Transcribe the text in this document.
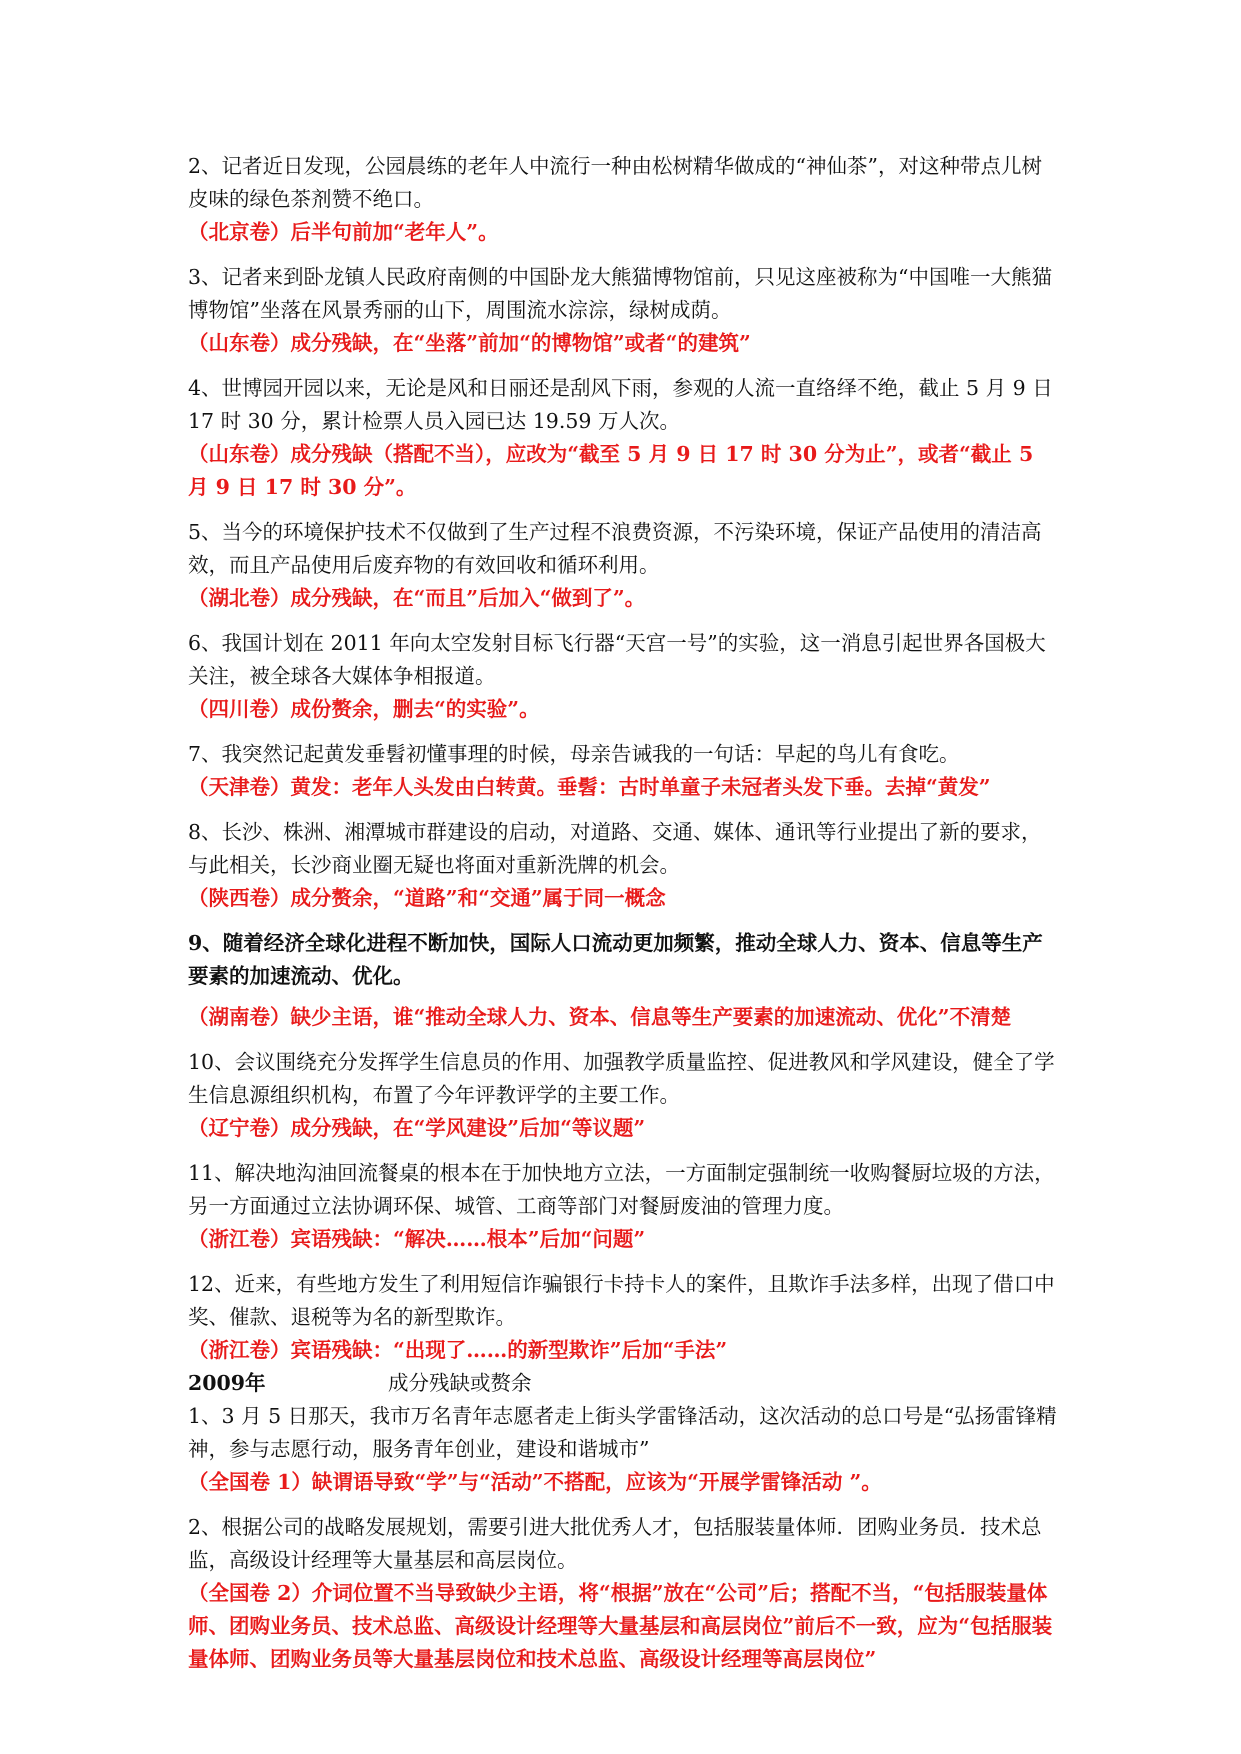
2、记者近日发现，公园晨练的老年人中流行一种由松树精华做成的“神仙茶”，对这种带点儿树皮味的绿色茶剂赞不绝口。

（北京卷）后半句前加“老年人”。

3、记者来到卧龙镇人民政府南侧的中国卧龙大熊猫博物馆前，只见这座被称为“中国唯一大熊猫博物馆”坐落在风景秀丽的山下，周围流水淙淙，绿树成荫。

（山东卷）成分残缺，在“坐落”前加“的博物馆”或者“的建筑”

4、世博园开园以来，无论是风和日丽还是刮风下雨，参观的人流一直络绎不绝，截止 5 月 9 日 17 时 30 分，累计检票人员入园已达 19.59 万人次。

（山东卷）成分残缺（搭配不当），应改为“截至 5 月 9 日 17 时 30 分为止”，或者“截止 5 月 9 日 17 时 30 分”。

5、当今的环境保护技术不仅做到了生产过程不浪费资源，不污染环境，保证产品使用的清洁高效，而且产品使用后废弃物的有效回收和循环利用。

（湖北卷）成分残缺，在“而且”后加入“做到了”。

6、我国计划在 2011 年向太空发射目标飞行器“天宫一号”的实验，这一消息引起世界各国极大关注，被全球各大媒体争相报道。

（四川卷）成份赘余，删去“的实验”。

7、我突然记起黄发垂髫初懂事理的时候，母亲告诫我的一句话：早起的鸟儿有食吃。

（天津卷）黄发：老年人头发由白转黄。垂髫：古时单童子未冠者头发下垂。去掉“黄发”

8、长沙、株洲、湘潭城市群建设的启动，对道路、交通、媒体、通讯等行业提出了新的要求，与此相关，长沙商业圈无疑也将面对重新洗牌的机会。

（陕西卷）成分赘余，“道路”和“交通”属于同一概念

9、随着经济全球化进程不断加快，国际人口流动更加频繁，推动全球人力、资本、信息等生产要素的加速流动、优化。

（湖南卷）缺少主语，谁“推动全球人力、资本、信息等生产要素的加速流动、优化”不清楚

10、会议围绕充分发挥学生信息员的作用、加强教学质量监控、促进教风和学风建设，健全了学生信息源组织机构，布置了今年评教评学的主要工作。

（辽宁卷）成分残缺，在“学风建设”后加“等议题”

11、解决地沟油回流餐桌的根本在于加快地方立法，一方面制定强制统一收购餐厨垃圾的方法，另一方面通过立法协调环保、城管、工商等部门对餐厨废油的管理力度。

（浙江卷）宾语残缺：“解决……根本”后加“问题”

12、近来，有些地方发生了利用短信诈骗银行卡持卡人的案件，且欺诈手法多样，出现了借口中奖、催款、退税等为名的新型欺诈。

（浙江卷）宾语残缺：“出现了……的新型欺诈”后加“手法”

2009年	成分残缺或赘余

1、3 月 5 日那天，我市万名青年志愿者走上街头学雷锋活动，这次活动的总口号是“弘扬雷锋精神，参与志愿行动，服务青年创业，建设和谐城市”

（全国卷 1）缺谓语导致“学”与“活动”不搭配，应该为“开展学雷锋活动 ”。

2、根据公司的战略发展规划，需要引进大批优秀人才，包括服装量体师．团购业务员．技术总监，高级设计经理等大量基层和高层岗位。

（全国卷 2）介词位置不当导致缺少主语，将“根据”放在“公司”后；搭配不当，“包括服装量体师、团购业务员、技术总监、高级设计经理等大量基层和高层岗位”前后不一致，应为“包括服装量体师、团购业务员等大量基层岗位和技术总监、高级设计经理等高层岗位”
